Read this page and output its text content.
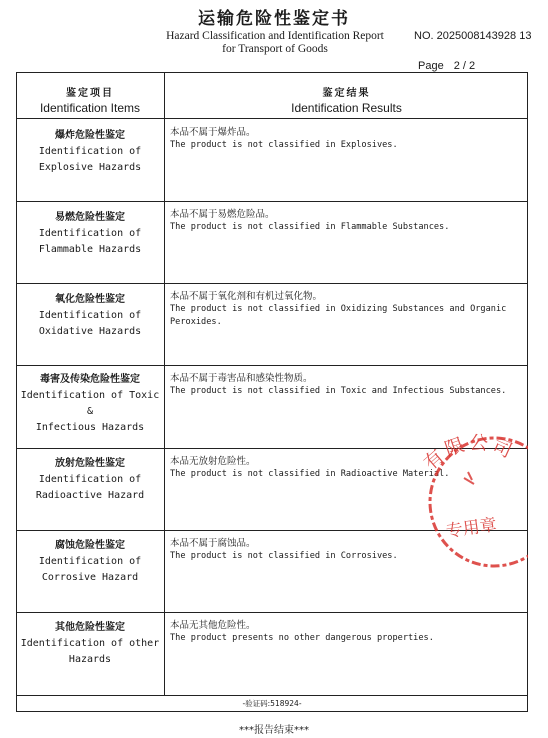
运输危险性鉴定书
Hazard Classification and Identification Report
for Transport of Goods
NO. 2025008143928 13
Page 2 / 2
鉴定项目
Identification Items
鉴定结果
Identification Results
爆炸危险性鉴定
Identification of
Explosive Hazards
本品不属于爆炸品。
The product is not classified in Explosives.
易燃危险性鉴定
Identification of
Flammable Hazards
本品不属于易燃危险品。
The product is not classified in Flammable Substances.
氧化危险性鉴定
Identification of
Oxidative Hazards
本品不属于氧化剂和有机过氧化物。
The product is not classified in Oxidizing Substances and Organic
Peroxides.
毒害及传染危险性鉴定
Identification of Toxic &
Infectious Hazards
本品不属于毒害品和感染性物质。
The product is not classified in Toxic and Infectious Substances.
放射危险性鉴定
Identification of
Radioactive Hazard
本品无放射危险性。
The product is not classified in Radioactive Material.
腐蚀危险性鉴定
Identification of
Corrosive Hazard
本品不属于腐蚀品。
The product is not classified in Corrosives.
其他危险性鉴定
Identification of other
Hazards
本品无其他危险性。
The product presents no other dangerous properties.
有限公司
专用章
-验证码:518924-
***报告结束***
